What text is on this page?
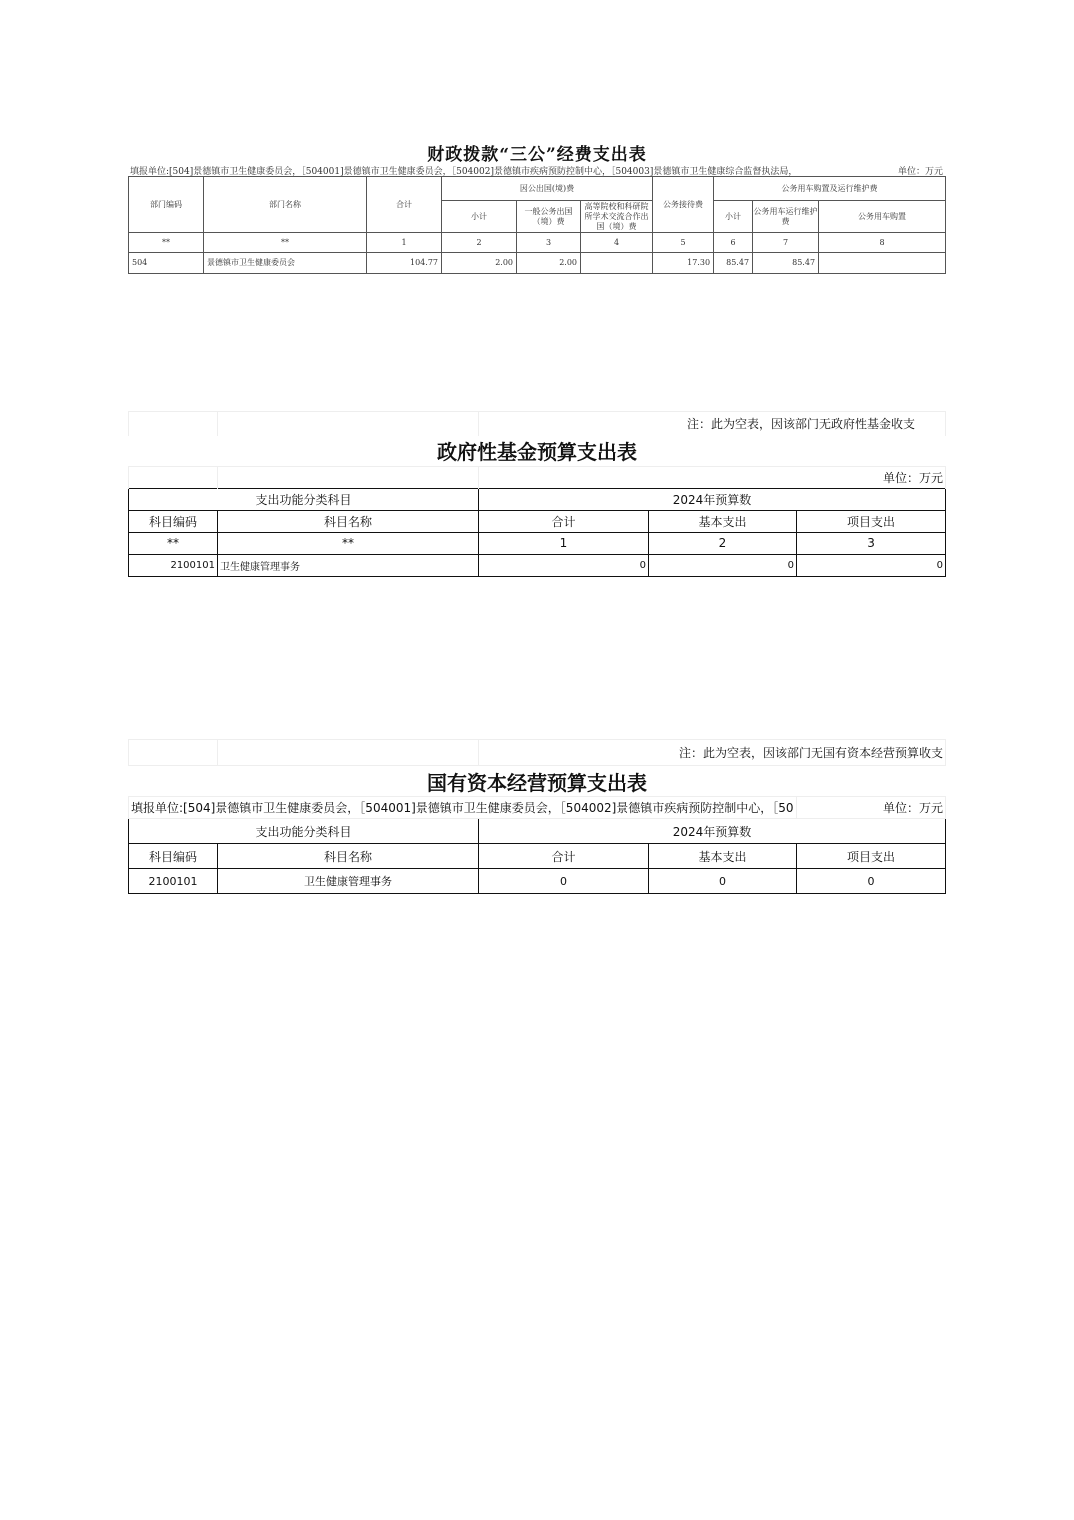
财政拨款“三公”经费支出表
填报单位:[504]景德镇市卫生健康委员会，［504001]景德镇市卫生健康委员会，［504002]景德镇市疾病预防控制中心，［504003]景德镇市卫生健康综合监督执法局，	单位：万元
部门编码	部门名称	合计	因公出国(境)费			公务接待费	公务用车购置及运行维护费		
			小计	一般公务出国（境）费	高等院校和科研院所学术交流合作出国（境）费		小计	公务用车运行维护费	公务用车购置
**	**	1	2	3	4	5	6	7	8
504	景德镇市卫生健康委员会	104.77	2.00	2.00		17.30	85.47	85.47	
		注：此为空表，因该部门无政府性基金收支		
政府性基金预算支出表				
		单位：万元		
支出功能分类科目		2024年预算数		
科目编码	科目名称	合计	基本支出	项目支出
**	**	1	2	3
2100101	卫生健康管理事务	0	0	0
		注：此为空表，因该部门无国有资本经营预算收支		
国有资本经营预算支出表				
填报单位:[504]景德镇市卫生健康委员会，［504001]景德镇市卫生健康委员会，［504002]景德镇市疾病预防控制中心，［50				单位：万元
支出功能分类科目		2024年预算数		
科目编码	科目名称	合计	基本支出	项目支出
2100101	卫生健康管理事务	0	0	0
